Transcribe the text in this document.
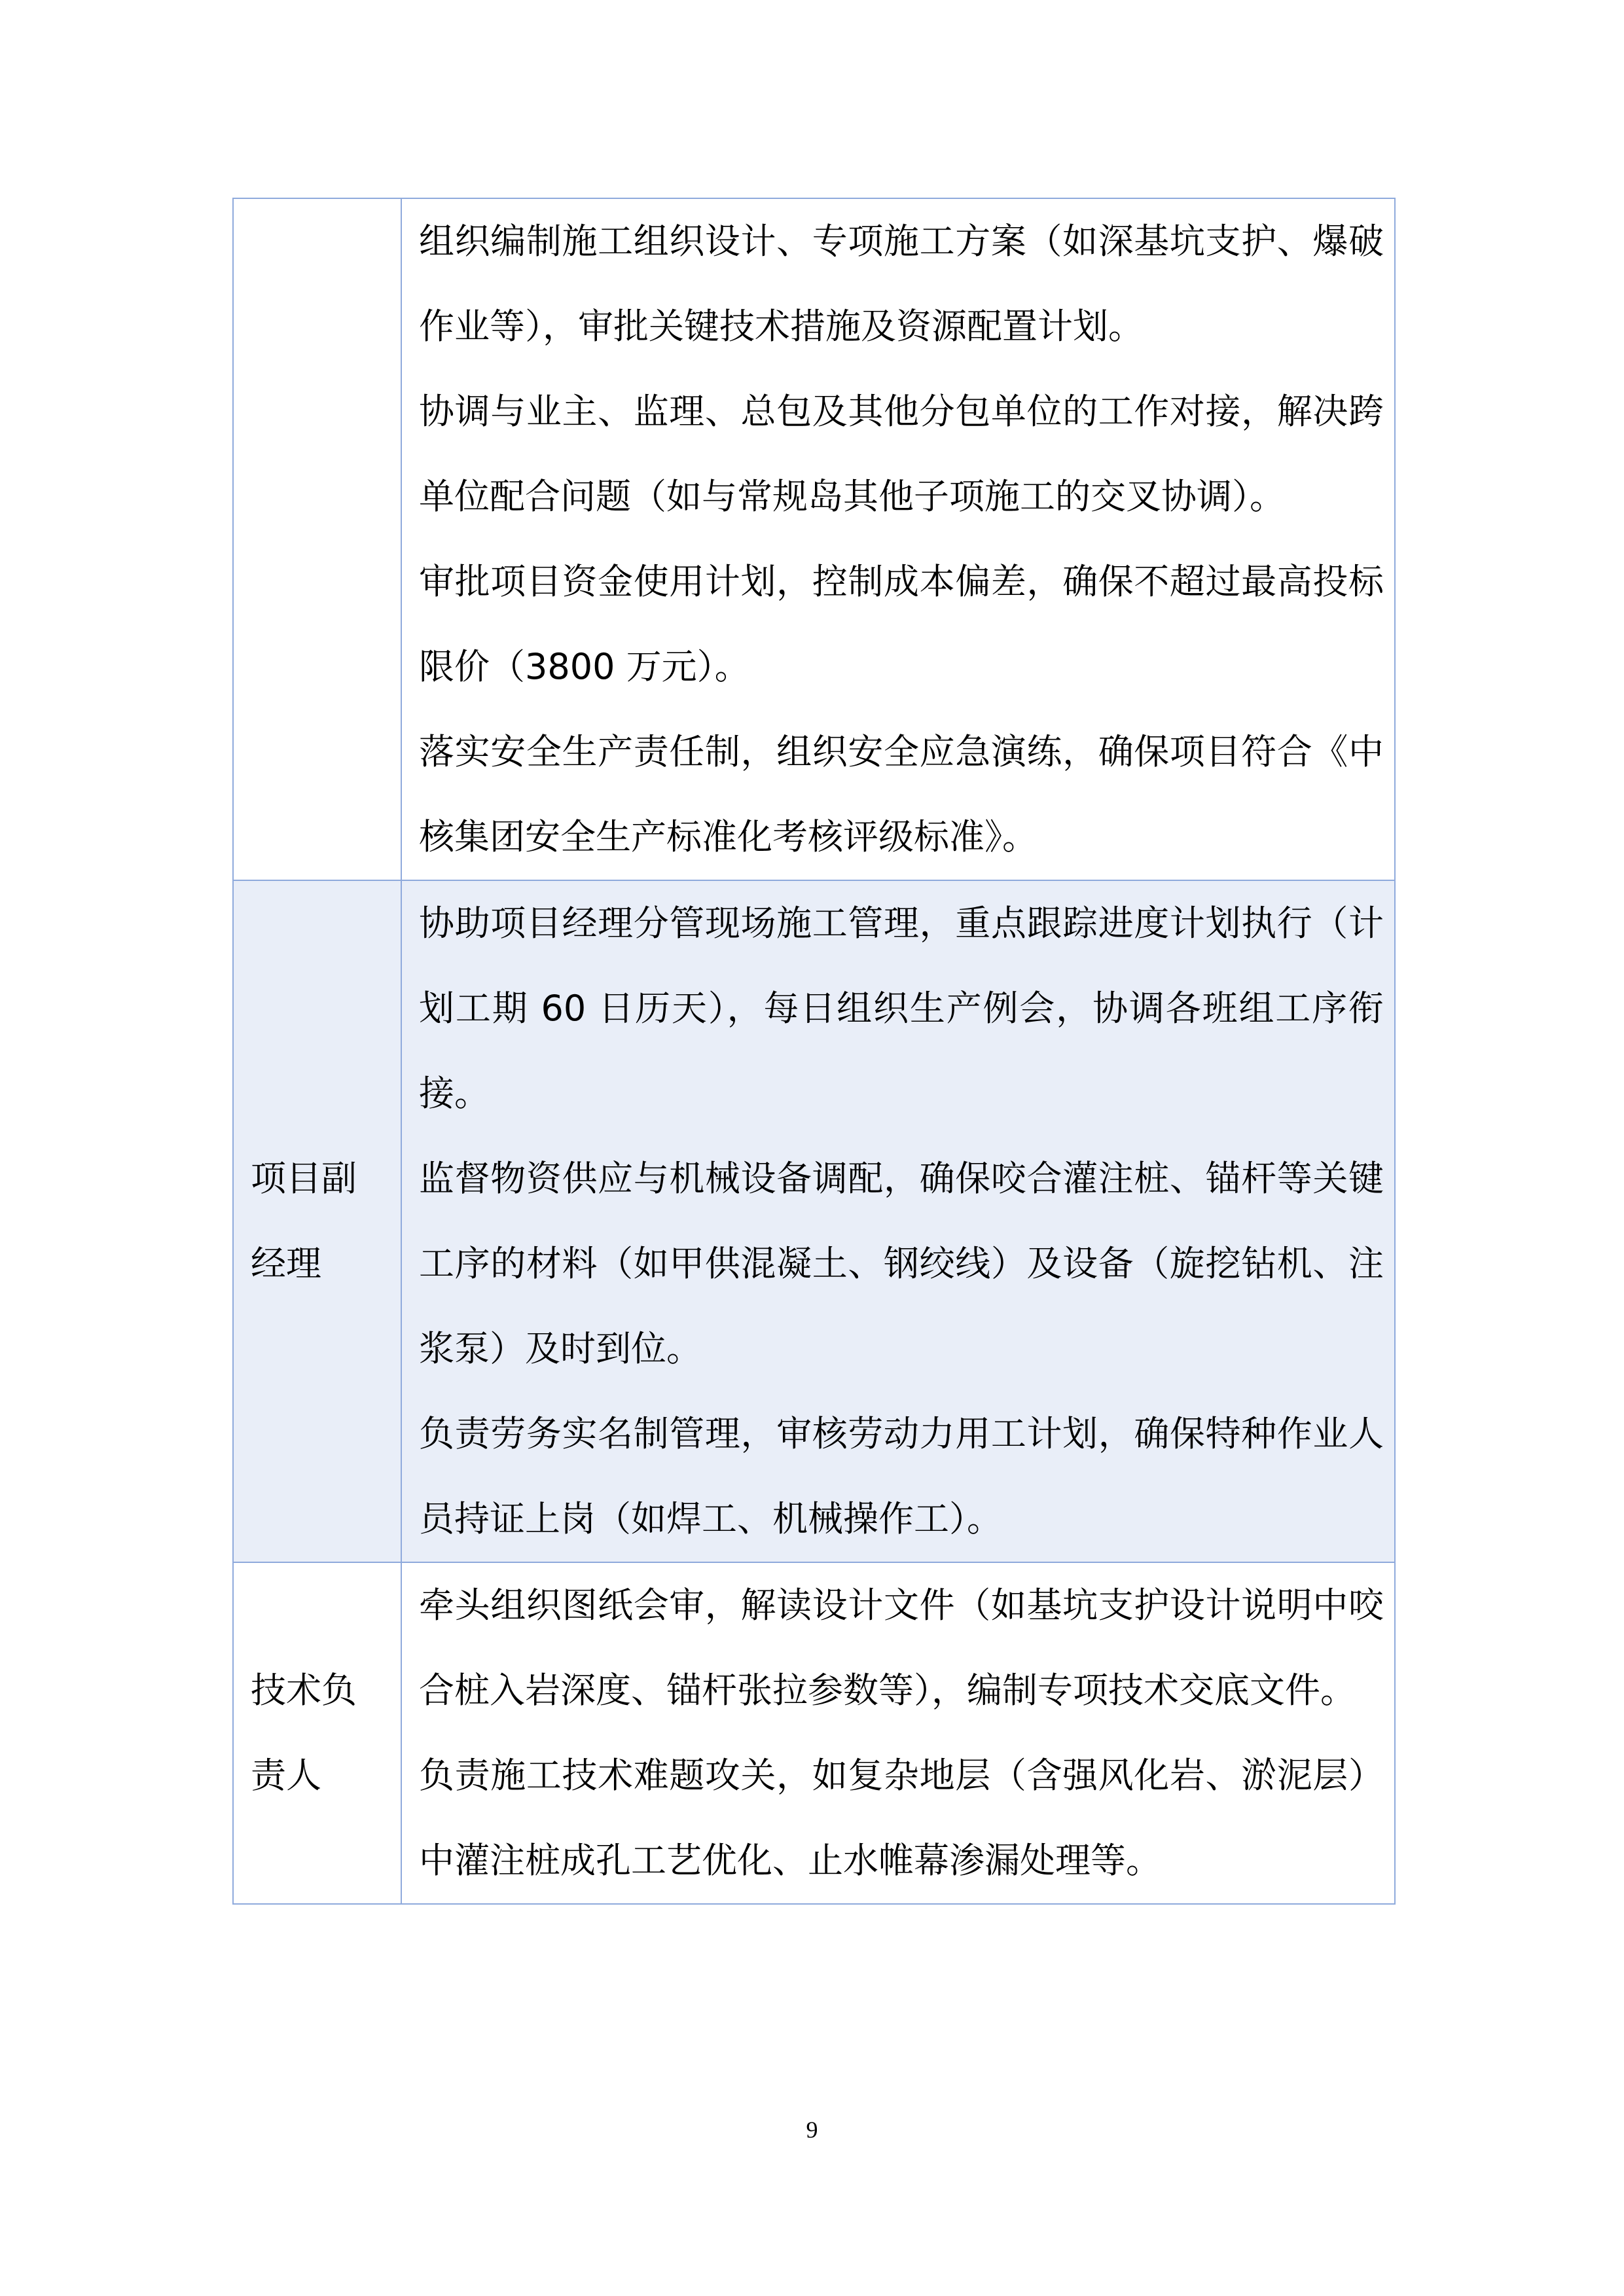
	组织编制施工组织设计、专项施工方案（如深基坑支护、爆破作业等），审批关键技术措施及资源配置计划。

协调与业主、监理、总包及其他分包单位的工作对接，解决跨单位配合问题（如与常规岛其他子项施工的交叉协调）。

审批项目资金使用计划，控制成本偏差，确保不超过最高投标限价（3800 万元）。

落实安全生产责任制，组织安全应急演练，确保项目符合《中核集团安全生产标准化考核评级标准》。

项目副经理	协助项目经理分管现场施工管理，重点跟踪进度计划执行（计划工期 60 日历天），每日组织生产例会，协调各班组工序衔接。

监督物资供应与机械设备调配，确保咬合灌注桩、锚杆等关键工序的材料（如甲供混凝土、钢绞线）及设备（旋挖钻机、注浆泵）及时到位。

负责劳务实名制管理，审核劳动力用工计划，确保特种作业人员持证上岗（如焊工、机械操作工）。

技术负责人	牵头组织图纸会审，解读设计文件（如基坑支护设计说明中咬合桩入岩深度、锚杆张拉参数等），编制专项技术交底文件。

负责施工技术难题攻关，如复杂地层（含强风化岩、淤泥层）中灌注桩成孔工艺优化、止水帷幕渗漏处理等。

9
